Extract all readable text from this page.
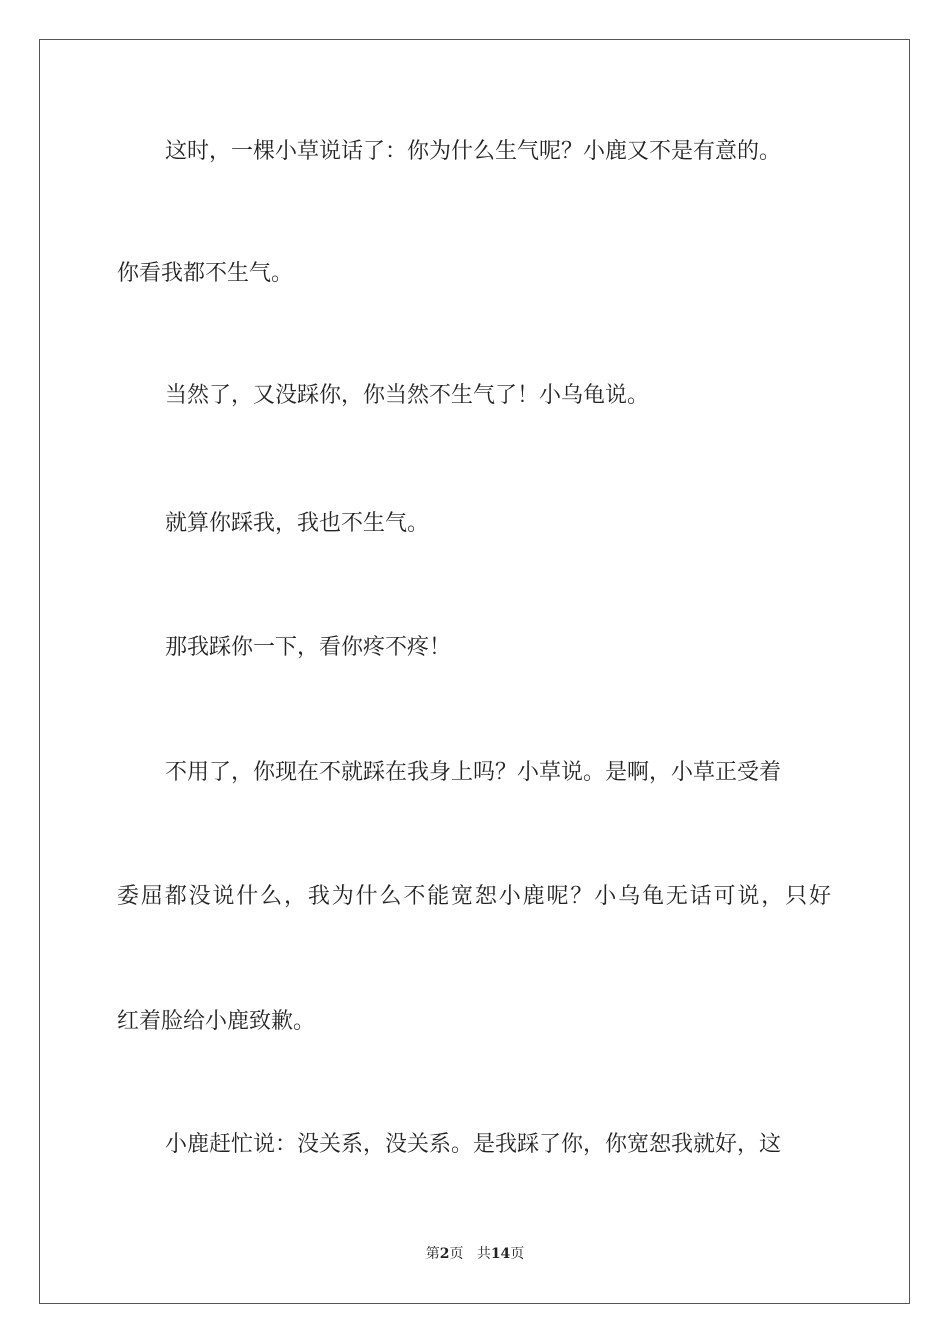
这时，一棵小草说话了：你为什么生气呢？小鹿又不是有意的。
你看我都不生气。
当然了，又没踩你，你当然不生气了！小乌龟说。
就算你踩我，我也不生气。
那我踩你一下，看你疼不疼！
不用了，你现在不就踩在我身上吗？小草说。是啊，小草正受着
委屈都没说什么，我为什么不能宽恕小鹿呢？小乌龟无话可说，只好
红着脸给小鹿致歉。
小鹿赶忙说：没关系，没关系。是我踩了你，你宽恕我就好，这
第2页 共14页
